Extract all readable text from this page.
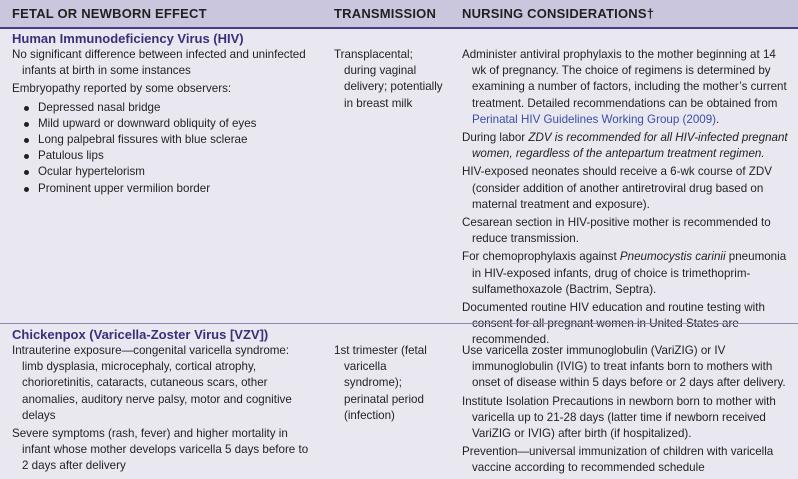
FETAL OR NEWBORN EFFECT	TRANSMISSION NURSING CONSIDERATIONS†
Human Immunodeficiency Virus (HIV)

No significant difference between infected and uninfected infants at birth in some instances

Embryopathy reported by some observers:

Depressed nasal bridge
Mild upward or downward obliquity of eyes
Long palpebral fissures with blue sclerae
Patulous lips
Ocular hypertelorism
Prominent upper vermilion border

Transplacental; during vaginal delivery; potentially in breast milk

Administer antiviral prophylaxis to the mother beginning at 14 wk of pregnancy. The choice of regimens is determined by examining a number of factors, including the mother’s current treatment. Detailed recommendations can be obtained from Perinatal HIV Guidelines Working Group (2009).

During labor ZDV is recommended for all HIV-infected pregnant women, regardless of the antepartum treatment regimen.

HIV-exposed neonates should receive a 6-wk course of ZDV (consider addition of another antiretroviral drug based on maternal treatment and exposure).

Cesarean section in HIV-positive mother is recommended to reduce transmission.

For chemoprophylaxis against Pneumocystis carinii pneumonia in HIV-exposed infants, drug of choice is trimethoprim-sulfamethoxazole (Bactrim, Septra).

Documented routine HIV education and routine testing with recommended.

Chickenpox (Varicella-Zoster Virus [VZV])

Intrauterine exposure—congenital varicella syndrome: limb dysplasia, microcephaly, cortical atrophy, chorioretinitis, cataracts, cutaneous scars, other anomalies, auditory nerve palsy, motor and cognitive delays

Severe symptoms (rash, fever) and higher mortality in infant whose mother develops varicella 5 days before to 2 days after delivery

1st trimester (fetal varicella syndrome); perinatal period (infection)

Use varicella zoster immunoglobulin (VariZIG) or IV immunoglobulin (IVIG) to treat infants born to mothers with onset of disease within 5 days before or 2 days after delivery.

Institute Isolation Precautions in newborn born to mother with varicella up to 21-28 days (latter time if newborn received VariZIG or IVIG) after birth (if hospitalized).

Prevention—universal immunization of children with varicella vaccine according to recommended schedule
